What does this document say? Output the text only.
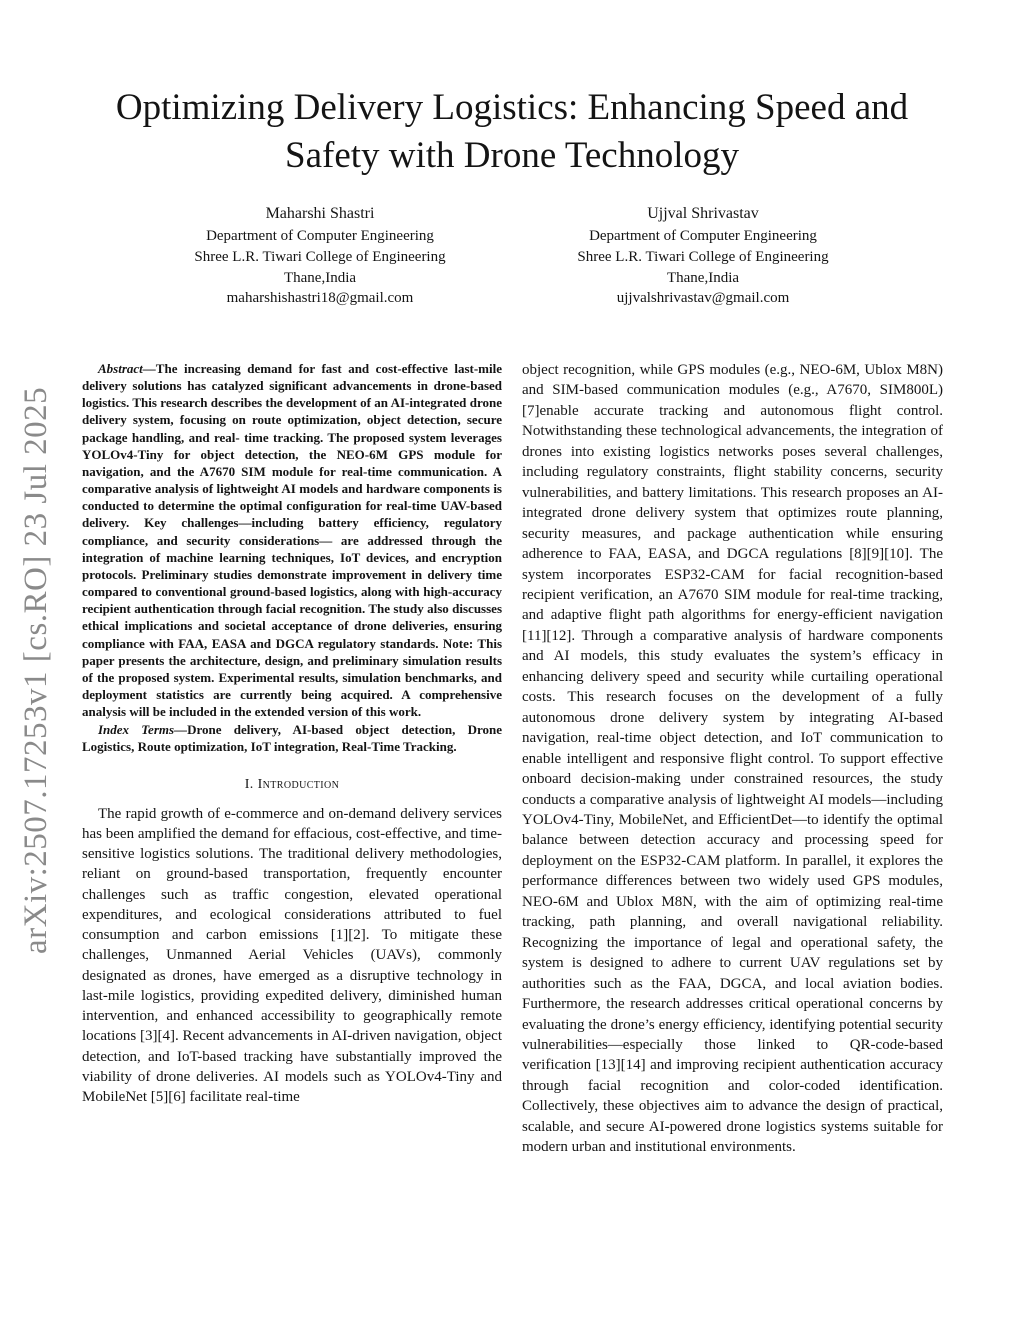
arXiv:2507.17253v1 [cs.RO] 23 Jul 2025
Optimizing Delivery Logistics: Enhancing Speed and Safety with Drone Technology
Maharshi Shastri
Department of Computer Engineering
Shree L.R. Tiwari College of Engineering
Thane,India
maharshishastri18@gmail.com
Ujjval Shrivastav
Department of Computer Engineering
Shree L.R. Tiwari College of Engineering
Thane,India
ujjvalshrivastav@gmail.com

Abstract—The increasing demand for fast and cost-effective last-mile delivery solutions has catalyzed significant advancements in drone-based logistics. This research describes the development of an AI-integrated drone delivery system, focusing on route optimization, object detection, secure package handling, and real- time tracking. The proposed system leverages YOLOv4-Tiny for object detection, the NEO-6M GPS module for navigation, and the A7670 SIM module for real-time communication. A comparative analysis of lightweight AI models and hardware components is conducted to determine the optimal configuration for real-time UAV-based delivery. Key challenges—including battery efficiency, regulatory compliance, and security considerations— are addressed through the integration of machine learning techniques, IoT devices, and encryption protocols. Preliminary studies demonstrate improvement in delivery time compared to conventional ground-based logistics, along with high-accuracy recipient authentication through facial recognition. The study also discusses ethical implications and societal acceptance of drone deliveries, ensuring compliance with FAA, EASA and DGCA regulatory standards. Note: This paper presents the architecture, design, and preliminary simulation results of the proposed system. Experimental results, simulation benchmarks, and deployment statistics are currently being acquired. A comprehensive analysis will be included in the extended version of this work.

Index Terms—Drone delivery, AI-based object detection, Drone Logistics, Route optimization, IoT integration, Real-Time Tracking.

I. Introduction

The rapid growth of e-commerce and on-demand delivery services has been amplified the demand for effacious, cost-effective, and time-sensitive logistics solutions. The traditional delivery methodologies, reliant on ground-based transportation, frequently encounter challenges such as traffic congestion, elevated operational expenditures, and ecological considerations attributed to fuel consumption and carbon emissions [1][2]. To mitigate these challenges, Unmanned Aerial Vehicles (UAVs), commonly designated as drones, have emerged as a disruptive technology in last-mile logistics, providing expedited delivery, diminished human intervention, and enhanced accessibility to geographically remote locations [3][4]. Recent advancements in AI-driven navigation, object detection, and IoT-based tracking have substantially improved the viability of drone deliveries. AI models such as YOLOv4-Tiny and MobileNet [5][6] facilitate real-time

object recognition, while GPS modules (e.g., NEO-6M, Ublox M8N) and SIM-based communication modules (e.g., A7670, SIM800L) [7]enable accurate tracking and autonomous flight control. Notwithstanding these technological advancements, the integration of drones into existing logistics networks poses several challenges, including regulatory constraints, flight stability concerns, security vulnerabilities, and battery limitations. This research proposes an AI-integrated drone delivery system that optimizes route planning, security measures, and package authentication while ensuring adherence to FAA, EASA, and DGCA regulations [8][9][10]. The system incorporates ESP32-CAM for facial recognition-based recipient verification, an A7670 SIM module for real-time tracking, and adaptive flight path algorithms for energy-efficient navigation [11][12]. Through a comparative analysis of hardware components and AI models, this study evaluates the system’s efficacy in enhancing delivery speed and security while curtailing operational costs. This research focuses on the development of a fully autonomous drone delivery system by integrating AI-based navigation, real-time object detection, and IoT communication to enable intelligent and responsive flight control. To support effective onboard decision-making under constrained resources, the study conducts a comparative analysis of lightweight AI models—including YOLOv4-Tiny, MobileNet, and EfficientDet—to identify the optimal balance between detection accuracy and processing speed for deployment on the ESP32-CAM platform. In parallel, it explores the performance differences between two widely used GPS modules, NEO-6M and Ublox M8N, with the aim of optimizing real-time tracking, path planning, and overall navigational reliability. Recognizing the importance of legal and operational safety, the system is designed to adhere to current UAV regulations set by authorities such as the FAA, DGCA, and local aviation bodies. Furthermore, the research addresses critical operational concerns by evaluating the drone’s energy efficiency, identifying potential security vulnerabilities—especially those linked to QR-code-based verification [13][14] and improving recipient authentication accuracy through facial recognition and color-coded identification. Collectively, these objectives aim to advance the design of practical, scalable, and secure AI-powered drone logistics systems suitable for modern urban and institutional environments.
